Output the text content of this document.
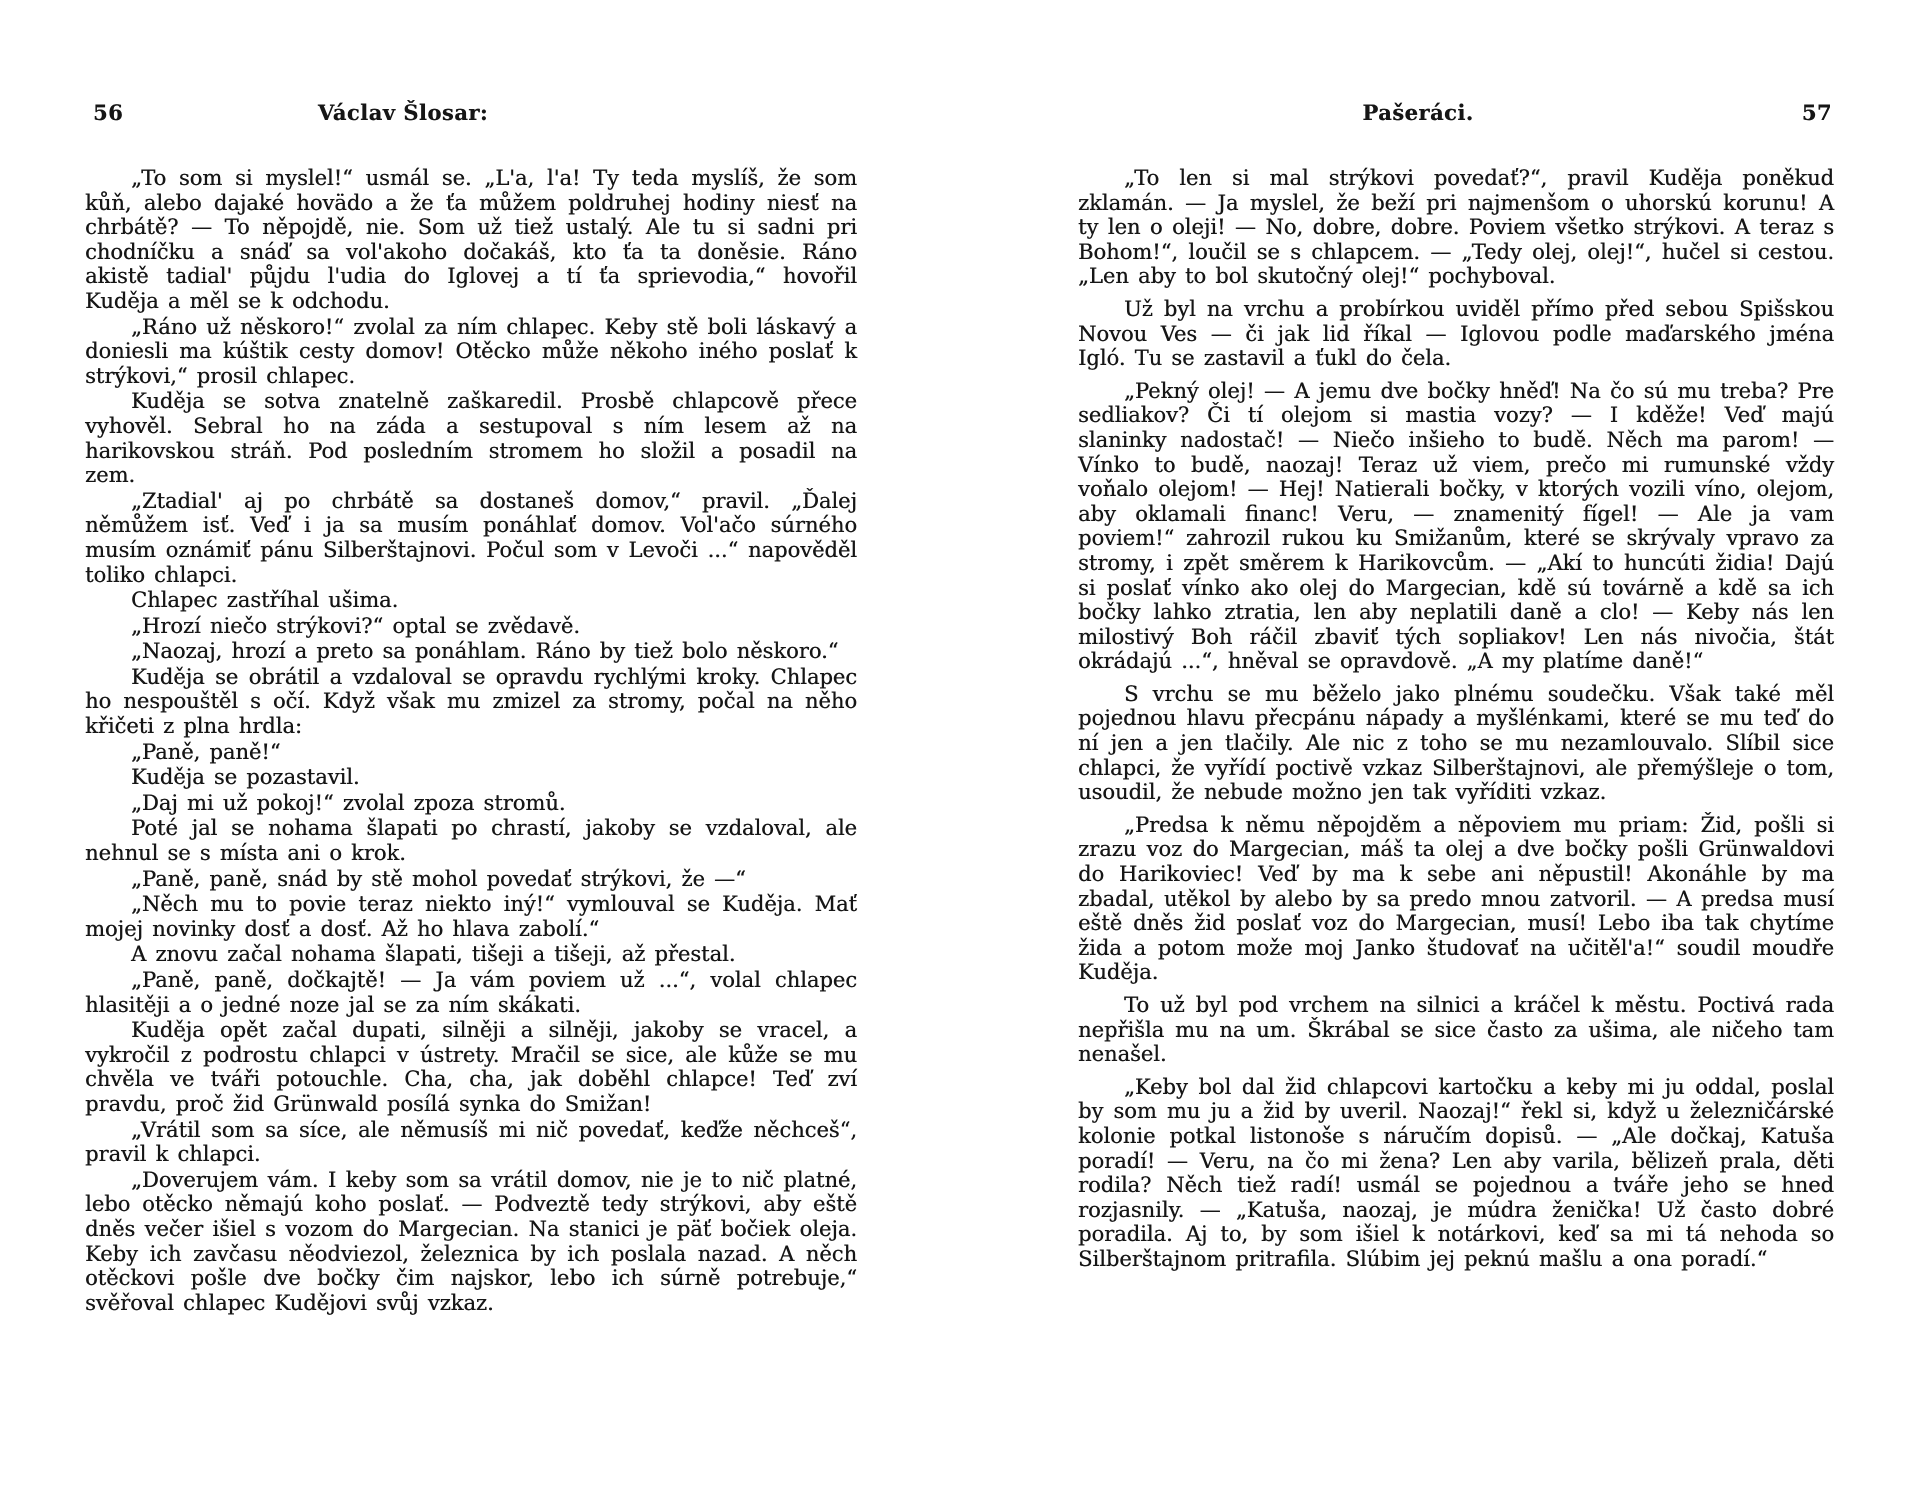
56	Václav Šlosar:

„To som si myslel!“ usmál se. „L'a, l'a! Ty teda myslíš, že som kůň, alebo dajaké hovädo a že ťa můžem poldruhej hodiny niesť na chrbátě? — To něpojdě, nie. Som už tiež ustalý. Ale tu si sadni pri chodníčku a snáď sa vol'akoho dočakáš, kto ťa ta doněsie. Ráno akistě tadial' půjdu l'udia do Iglovej a tí ťa sprievodia,“ hovořil Kuděja a měl se k odchodu.

„Ráno už něskoro!“ zvolal za ním chlapec. Keby stě boli láskavý a doniesli ma kúštik cesty domov! Otěcko může někoho iného poslať k strýkovi,“ prosil chlapec.

Kuděja se sotva znatelně zaškaredil. Prosbě chlapcově přece vyhověl. Sebral ho na záda a sestupoval s ním lesem až na harikovskou stráň. Pod posledním stromem ho složil a posadil na zem.

„Ztadial' aj po chrbátě sa dostaneš domov,“ pravil. „Ďalej němůžem isť. Veď i ja sa musím ponáhlať domov. Vol'ačo súrného musím oznámiť pánu Silberštajnovi. Počul som v Levoči ...“ napověděl toliko chlapci.

Chlapec zastříhal ušima.

„Hrozí niečo strýkovi?“ optal se zvědavě.

„Naozaj, hrozí a preto sa ponáhlam. Ráno by tiež bolo něskoro.“

Kuděja se obrátil a vzdaloval se opravdu rychlými kroky. Chlapec ho nespouštěl s očí. Když však mu zmizel za stromy, počal na něho křičeti z plna hrdla:

„Paně, paně!“

Kuděja se pozastavil.

„Daj mi už pokoj!“ zvolal zpoza stromů.

Poté jal se nohama šlapati po chrastí, jakoby se vzdaloval, ale nehnul se s místa ani o krok.

„Paně, paně, snád by stě mohol povedať strýkovi, že —“

„Něch mu to povie teraz niekto iný!“ vymlouval se Kuděja. Mať mojej novinky dosť a dosť. Až ho hlava zabolí.“

A znovu začal nohama šlapati, tišeji a tišeji, až přestal.

„Paně, paně, dočkajtě! — Ja vám poviem už ...“, volal chlapec hlasitěji a o jedné noze jal se za ním skákati.

Kuděja opět začal dupati, silněji a silněji, jakoby se vracel, a vykročil z podrostu chlapci v ústrety. Mračil se sice, ale kůže se mu chvěla ve tváři potouchle. Cha, cha, jak doběhl chlapce! Teď zví pravdu, proč žid Grünwald posílá synka do Smižan!

„Vrátil som sa síce, ale němusíš mi nič povedať, keďže něchceš“, pravil k chlapci.

„Doverujem vám. I keby som sa vrátil domov, nie je to nič platné, lebo otěcko němajú koho poslať. — Podveztě tedy strýkovi, aby eště dněs večer išiel s vozom do Margecian. Na stanici je päť bočiek oleja. Keby ich zavčasu něodviezol, železnica by ich poslala nazad. A něch otěckovi pošle dve bočky čim najskor, lebo ich súrně potrebuje,“ svěřoval chlapec Kudějovi svůj vzkaz.

Pašeráci.	57

„To len si mal strýkovi povedať?“, pravil Kuděja poněkud zklamán. — Ja myslel, že beží pri najmenšom o uhorskú korunu! A ty len o oleji! — No, dobre, dobre. Poviem všetko strýkovi. A teraz s Bohom!“, loučil se s chlapcem. — „Tedy olej, olej!“, hučel si cestou. „Len aby to bol skutočný olej!“ pochyboval.

Už byl na vrchu a probírkou uviděl přímo před sebou Spišskou Novou Ves — či jak lid říkal — Iglovou podle maďarského jména Igló. Tu se zastavil a ťukl do čela.

„Pekný olej! — A jemu dve bočky hněď! Na čo sú mu treba? Pre sedliakov? Či tí olejom si mastia vozy? — I kděže! Veď majú slaninky nadostač! — Niečo inšieho to budě. Něch ma parom! — Vínko to budě, naozaj! Teraz už viem, prečo mi rumunské vždy voňalo olejom! — Hej! Natierali bočky, v ktorých vozili víno, olejom, aby oklamali financ! Veru, — znamenitý fígel! — Ale ja vam poviem!“ zahrozil rukou ku Smižanům, které se skrývaly vpravo za stromy, i zpět směrem k Harikovcům. — „Akí to huncúti židia! Dajú si poslať vínko ako olej do Margecian, kdě sú továrně a kdě sa ich bočky lahko ztratia, len aby neplatili daně a clo! — Keby nás len milostivý Boh ráčil zbaviť tých sopliakov! Len nás nivočia, štát okrádajú ...“, hněval se opravdově. „A my platíme daně!“

S vrchu se mu běželo jako plnému soudečku. Však také měl pojednou hlavu přecpánu nápady a myšlénkami, které se mu teď do ní jen a jen tlačily. Ale nic z toho se mu nezamlouvalo. Slíbil sice chlapci, že vyřídí poctivě vzkaz Silberštajnovi, ale přemýšleje o tom, usoudil, že nebude možno jen tak vyříditi vzkaz.

„Predsa k němu něpojděm a něpoviem mu priam: Žid, pošli si zrazu voz do Margecian, máš ta olej a dve bočky pošli Grünwaldovi do Harikoviec! Veď by ma k sebe ani něpustil! Akonáhle by ma zbadal, utěkol by alebo by sa predo mnou zatvoril. — A predsa musí eště dněs žid poslať voz do Margecian, musí! Lebo iba tak chytíme žida a potom može moj Janko študovať na učitěl'a!“ soudil moudře Kuděja.

To už byl pod vrchem na silnici a kráčel k městu. Poctivá rada nepřišla mu na um. Škrábal se sice často za ušima, ale ničeho tam nenašel.

„Keby bol dal žid chlapcovi kartočku a keby mi ju oddal, poslal by som mu ju a žid by uveril. Naozaj!“ řekl si, když u železničárské kolonie potkal listonoše s náručím dopisů. — „Ale dočkaj, Katuša poradí! — Veru, na čo mi žena? Len aby varila, bělizeň prala, děti rodila? Něch tiež radí! usmál se pojednou a tváře jeho se hned rozjasnily. — „Katuša, naozaj, je múdra ženička! Už často dobré poradila. Aj to, by som išiel k notárkovi, keď sa mi tá nehoda so Silberštajnom pritrafila. Slúbim jej peknú mašlu a ona poradí.“
